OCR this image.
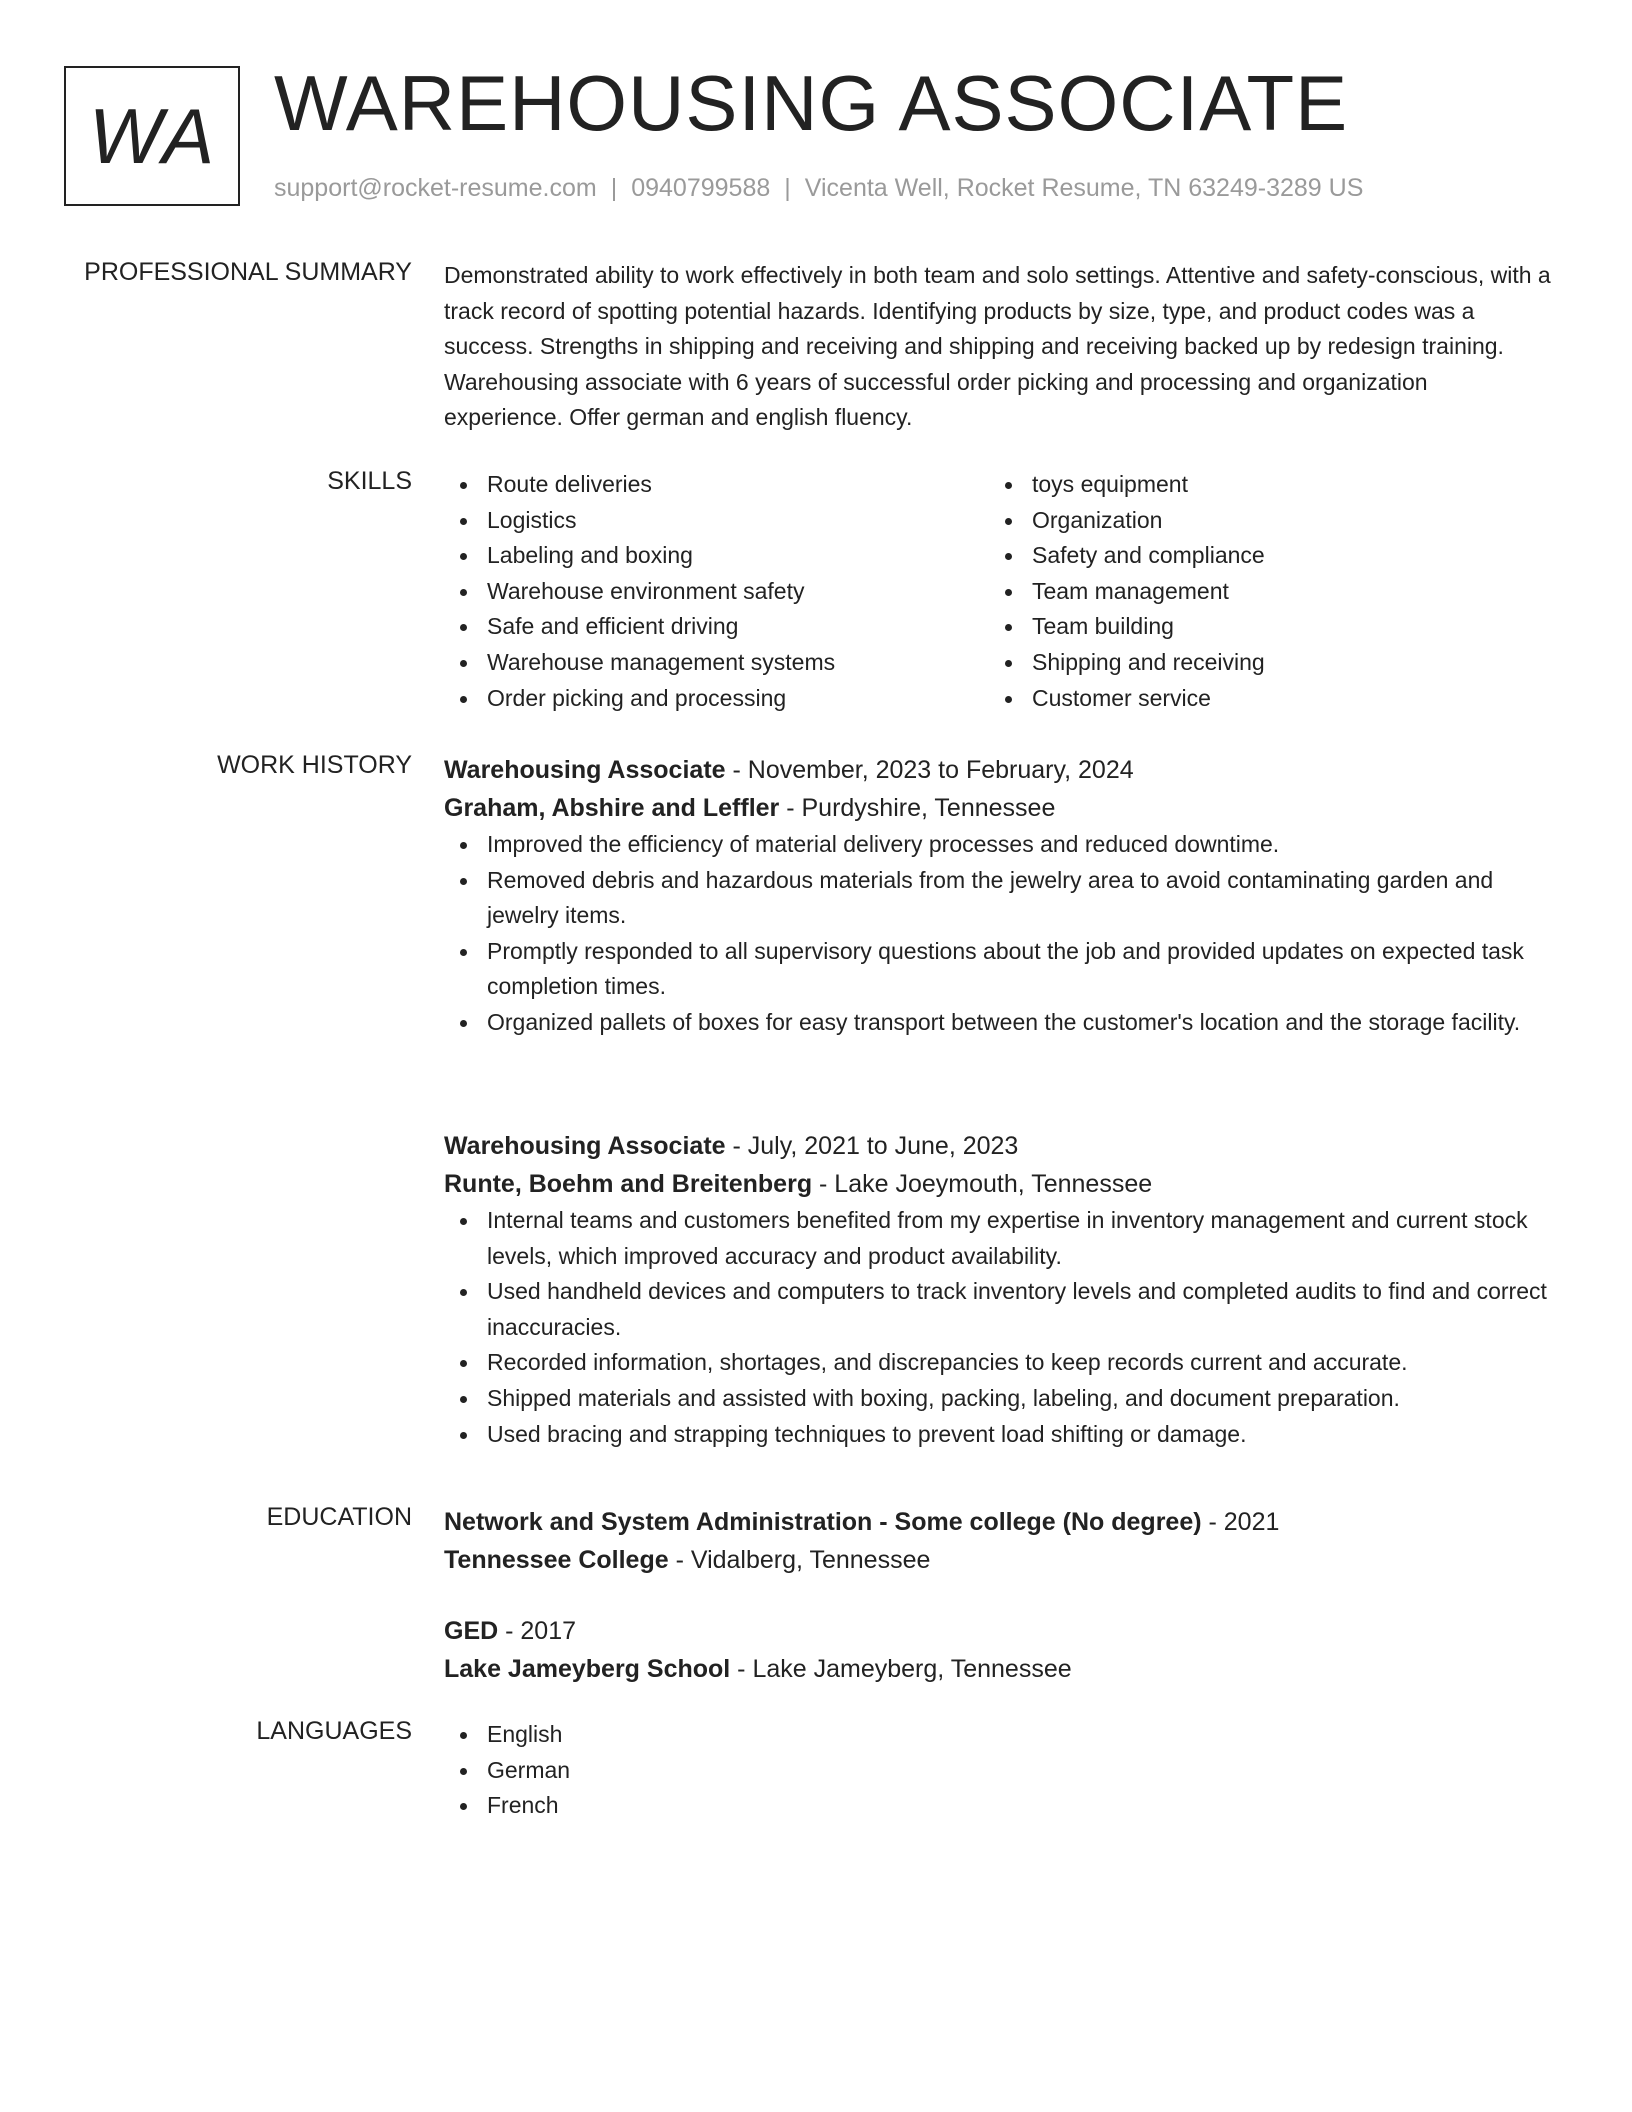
WA WAREHOUSING ASSOCIATE
support@rocket-resume.com | 0940799588 | Vicenta Well, Rocket Resume, TN 63249-3289 US
PROFESSIONAL SUMMARY Demonstrated ability to work effectively in both team and solo settings. Attentive and safety-conscious, with a track record of spotting potential hazards. Identifying products by size, type, and product codes was a success. Strengths in shipping and receiving and shipping and receiving backed up by redesign training. Warehousing associate with 6 years of successful order picking and processing and organization experience. Offer german and english fluency.

SKILLS	Route deliveries
Logistics
Labeling and boxing
Warehouse environment safety
Safe and efficient driving
Warehouse management systems
Order picking and processing
toys equipment
Organization
Safety and compliance
Team management
Team building
Shipping and receiving
Customer service
WORK HISTORY Warehousing Associate - November, 2023 to February, 2024
Graham, Abshire and Leffler - Purdyshire, Tennessee
Improved the efficiency of material delivery processes and reduced downtime.
Removed debris and hazardous materials from the jewelry area to avoid contaminating garden and jewelry items.
Promptly responded to all supervisory questions about the job and provided updates on expected task completion times.
Organized pallets of boxes for easy transport between the customer's location and the storage facility.
Warehousing Associate - July, 2021 to June, 2023
Runte, Boehm and Breitenberg - Lake Joeymouth, Tennessee
Internal teams and customers benefited from my expertise in inventory management and current stock levels, which improved accuracy and product availability.
Used handheld devices and computers to track inventory levels and completed audits to find and correct inaccuracies.
Recorded information, shortages, and discrepancies to keep records current and accurate.
Shipped materials and assisted with boxing, packing, labeling, and document preparation.
Used bracing and strapping techniques to prevent load shifting or damage.
EDUCATION Network and System Administration - Some college (No degree) - 2021
Tennessee College - Vidalberg, Tennessee
GED - 2017
Lake Jameyberg School - Lake Jameyberg, Tennessee
LANGUAGES	English
German
French
